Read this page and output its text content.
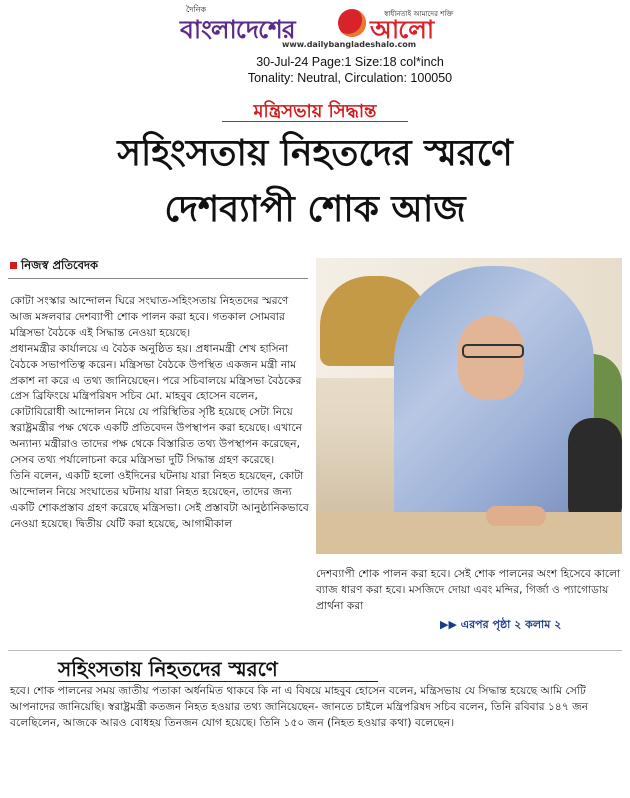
দৈনিক
বাংলাদেশের	আলো
স্বাধীনতাই আমাদের শক্তি
www.dailybangladeshalo.com
30-Jul-24 Page:1 Size:18 col*inch
Tonality: Neutral, Circulation: 100050
মন্ত্রিসভায় সিদ্ধান্ত
সহিংসতায় নিহতদের স্মরণে
দেশব্যাপী শোক আজ
নিজস্ব প্রতিবেদক

কোটা সংস্কার আন্দোলন ঘিরে সংঘাত-সহিংসতায় নিহতদের স্মরণে আজ মঙ্গলবার দেশব্যাপী শোক পালন করা হবে। গতকাল সোমবার মন্ত্রিসভা বৈঠকে এই সিদ্ধান্ত নেওয়া হয়েছে।

প্রধানমন্ত্রীর কার্যালয়ে এ বৈঠক অনুষ্ঠিত হয়। প্রধানমন্ত্রী শেখ হাসিনা বৈঠকে সভাপতিত্ব করেন। মন্ত্রিসভা বৈঠকে উপস্থিত একজন মন্ত্রী নাম প্রকাশ না করে এ তথ্য জানিয়েছেন। পরে সচিবালয়ে মন্ত্রিসভা বৈঠকের প্রেস ব্রিফিংয়ে মন্ত্রিপরিষদ সচিব মো. মাহবুব হোসেন বলেন, কোটাবিরোধী আন্দোলন নিয়ে যে পরিস্থিতির সৃষ্টি হয়েছে সেটা নিয়ে স্বরাষ্ট্রমন্ত্রীর পক্ষ থেকে একটি প্রতিবেদন উপস্থাপন করা হয়েছে। এখানে অন্যান্য মন্ত্রীরাও তাদের পক্ষ থেকে বিস্তারিত তথ্য উপস্থাপন করেছেন, সেসব তথ্য পর্যালোচনা করে মন্ত্রিসভা দুটি সিদ্ধান্ত গ্রহণ করেছে।

তিনি বলেন, একটি হলো ওইদিনের ঘটনায় যারা নিহত হয়েছেন, কোটা আন্দোলন নিয়ে সংঘাতের ঘটনায় যারা নিহত হয়েছেন, তাদের জন্য একটি শোকপ্রস্তাব গ্রহণ করেছে মন্ত্রিসভা। সেই প্রস্তাবটা আনুষ্ঠানিকভাবে নেওয়া হয়েছে। দ্বিতীয় যেটি করা হয়েছে, আগামীকাল

দেশব্যাপী শোক পালন করা হবে। সেই শোক পালনের অংশ হিসেবে কালো ব্যাজ ধারণ করা হবে। মসজিদে দোয়া এবং মন্দির, গির্জা ও প্যাগোডায় প্রার্থনা করা
▶▶ এরপর পৃষ্ঠা ২ কলাম ২
সহিংসতায় নিহতদের স্মরণে
হবে। শোক পালনের সময় জাতীয় পতাকা অর্ধনমিত থাকবে কি না এ বিষয়ে মাহবুব হোসেন বলেন, মন্ত্রিসভায় যে সিদ্ধান্ত হয়েছে আমি সেটি আপনাদের জানিয়েছি। স্বরাষ্ট্রমন্ত্রী কতজন নিহত হওয়ার তথ্য জানিয়েছেন- জানতে চাইলে মন্ত্রিপরিষদ সচিব বলেন, তিনি রবিবার ১৪৭ জন বলেছিলেন, আজকে আরও বোধহয় তিনজন যোগ হয়েছে। তিনি ১৫০ জন (নিহত হওয়ার কথা) বলেছেন।
